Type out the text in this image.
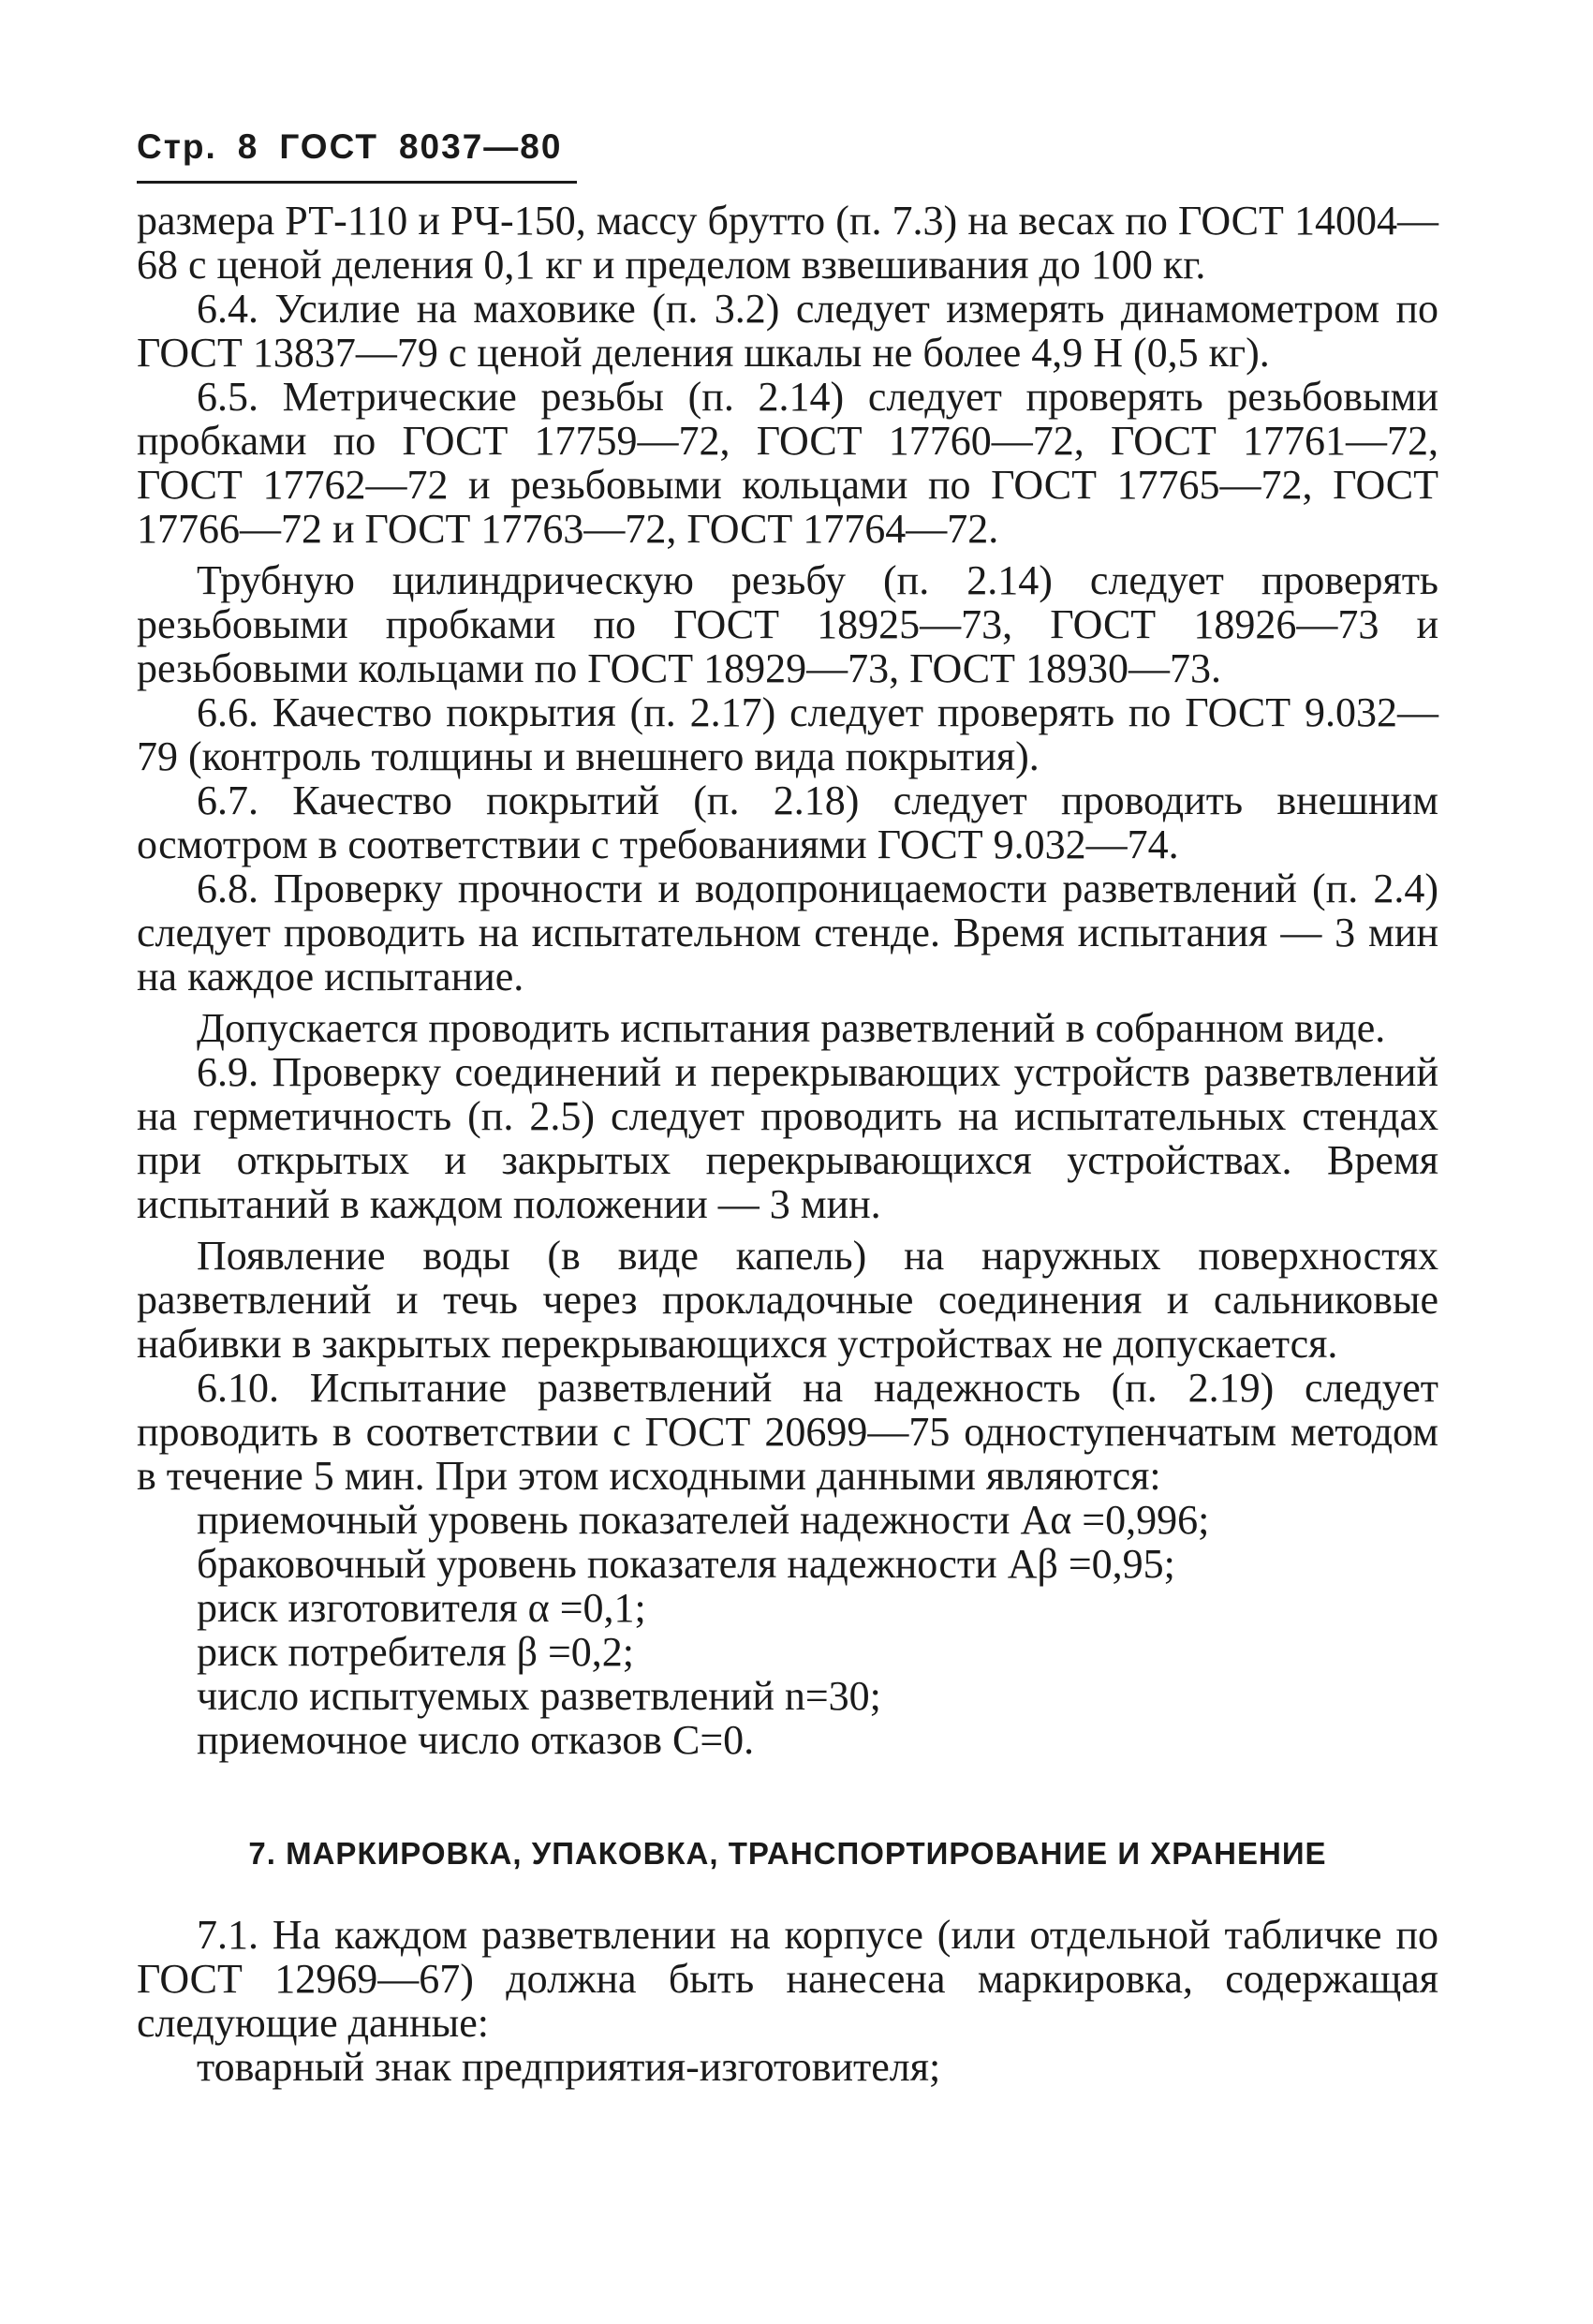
Стр. 8 ГОСТ 8037—80

размера РТ-110 и РЧ-150, массу брутто (п. 7.3) на весах по ГОСТ 14004—68 с ценой деления 0,1 кг и пределом взвешивания до 100 кг.

6.4. Усилие на маховике (п. 3.2) следует измерять динамометром по ГОСТ 13837—79 с ценой деления шкалы не более 4,9 Н (0,5 кг).

6.5. Метрические резьбы (п. 2.14) следует проверять резьбовыми пробками по ГОСТ 17759—72, ГОСТ 17760—72, ГОСТ 17761—72, ГОСТ 17762—72 и резьбовыми кольцами по ГОСТ 17765—72, ГОСТ 17766—72 и ГОСТ 17763—72, ГОСТ 17764—72.

Трубную цилиндрическую резьбу (п. 2.14) следует проверять резьбовыми пробками по ГОСТ 18925—73, ГОСТ 18926—73 и резьбовыми кольцами по ГОСТ 18929—73, ГОСТ 18930—73.

6.6. Качество покрытия (п. 2.17) следует проверять по ГОСТ 9.032—79 (контроль толщины и внешнего вида покрытия).

6.7. Качество покрытий (п. 2.18) следует проводить внешним осмотром в соответствии с требованиями ГОСТ 9.032—74.

6.8. Проверку прочности и водопроницаемости разветвлений (п. 2.4) следует проводить на испытательном стенде. Время испытания — 3 мин на каждое испытание.

Допускается проводить испытания разветвлений в собранном виде.

6.9. Проверку соединений и перекрывающих устройств разветвлений на герметичность (п. 2.5) следует проводить на испытательных стендах при открытых и закрытых перекрывающихся устройствах. Время испытаний в каждом положении — 3 мин.

Появление воды (в виде капель) на наружных поверхностях разветвлений и течь через прокладочные соединения и сальниковые набивки в закрытых перекрывающихся устройствах не допускается.

6.10. Испытание разветвлений на надежность (п. 2.19) следует проводить в соответствии с ГОСТ 20699—75 одноступенчатым методом в течение 5 мин. При этом исходными данными являются:

приемочный уровень показателей надежности Aα =0,996;
браковочный уровень показателя надежности Aβ =0,95;
риск изготовителя α =0,1;
риск потребителя β =0,2;
число испытуемых разветвлений n=30;
приемочное число отказов C=0.
7. МАРКИРОВКА, УПАКОВКА, ТРАНСПОРТИРОВАНИЕ И ХРАНЕНИЕ

7.1. На каждом разветвлении на корпусе (или отдельной табличке по ГОСТ 12969—67) должна быть нанесена маркировка, содержащая следующие данные:

товарный знак предприятия-изготовителя;
